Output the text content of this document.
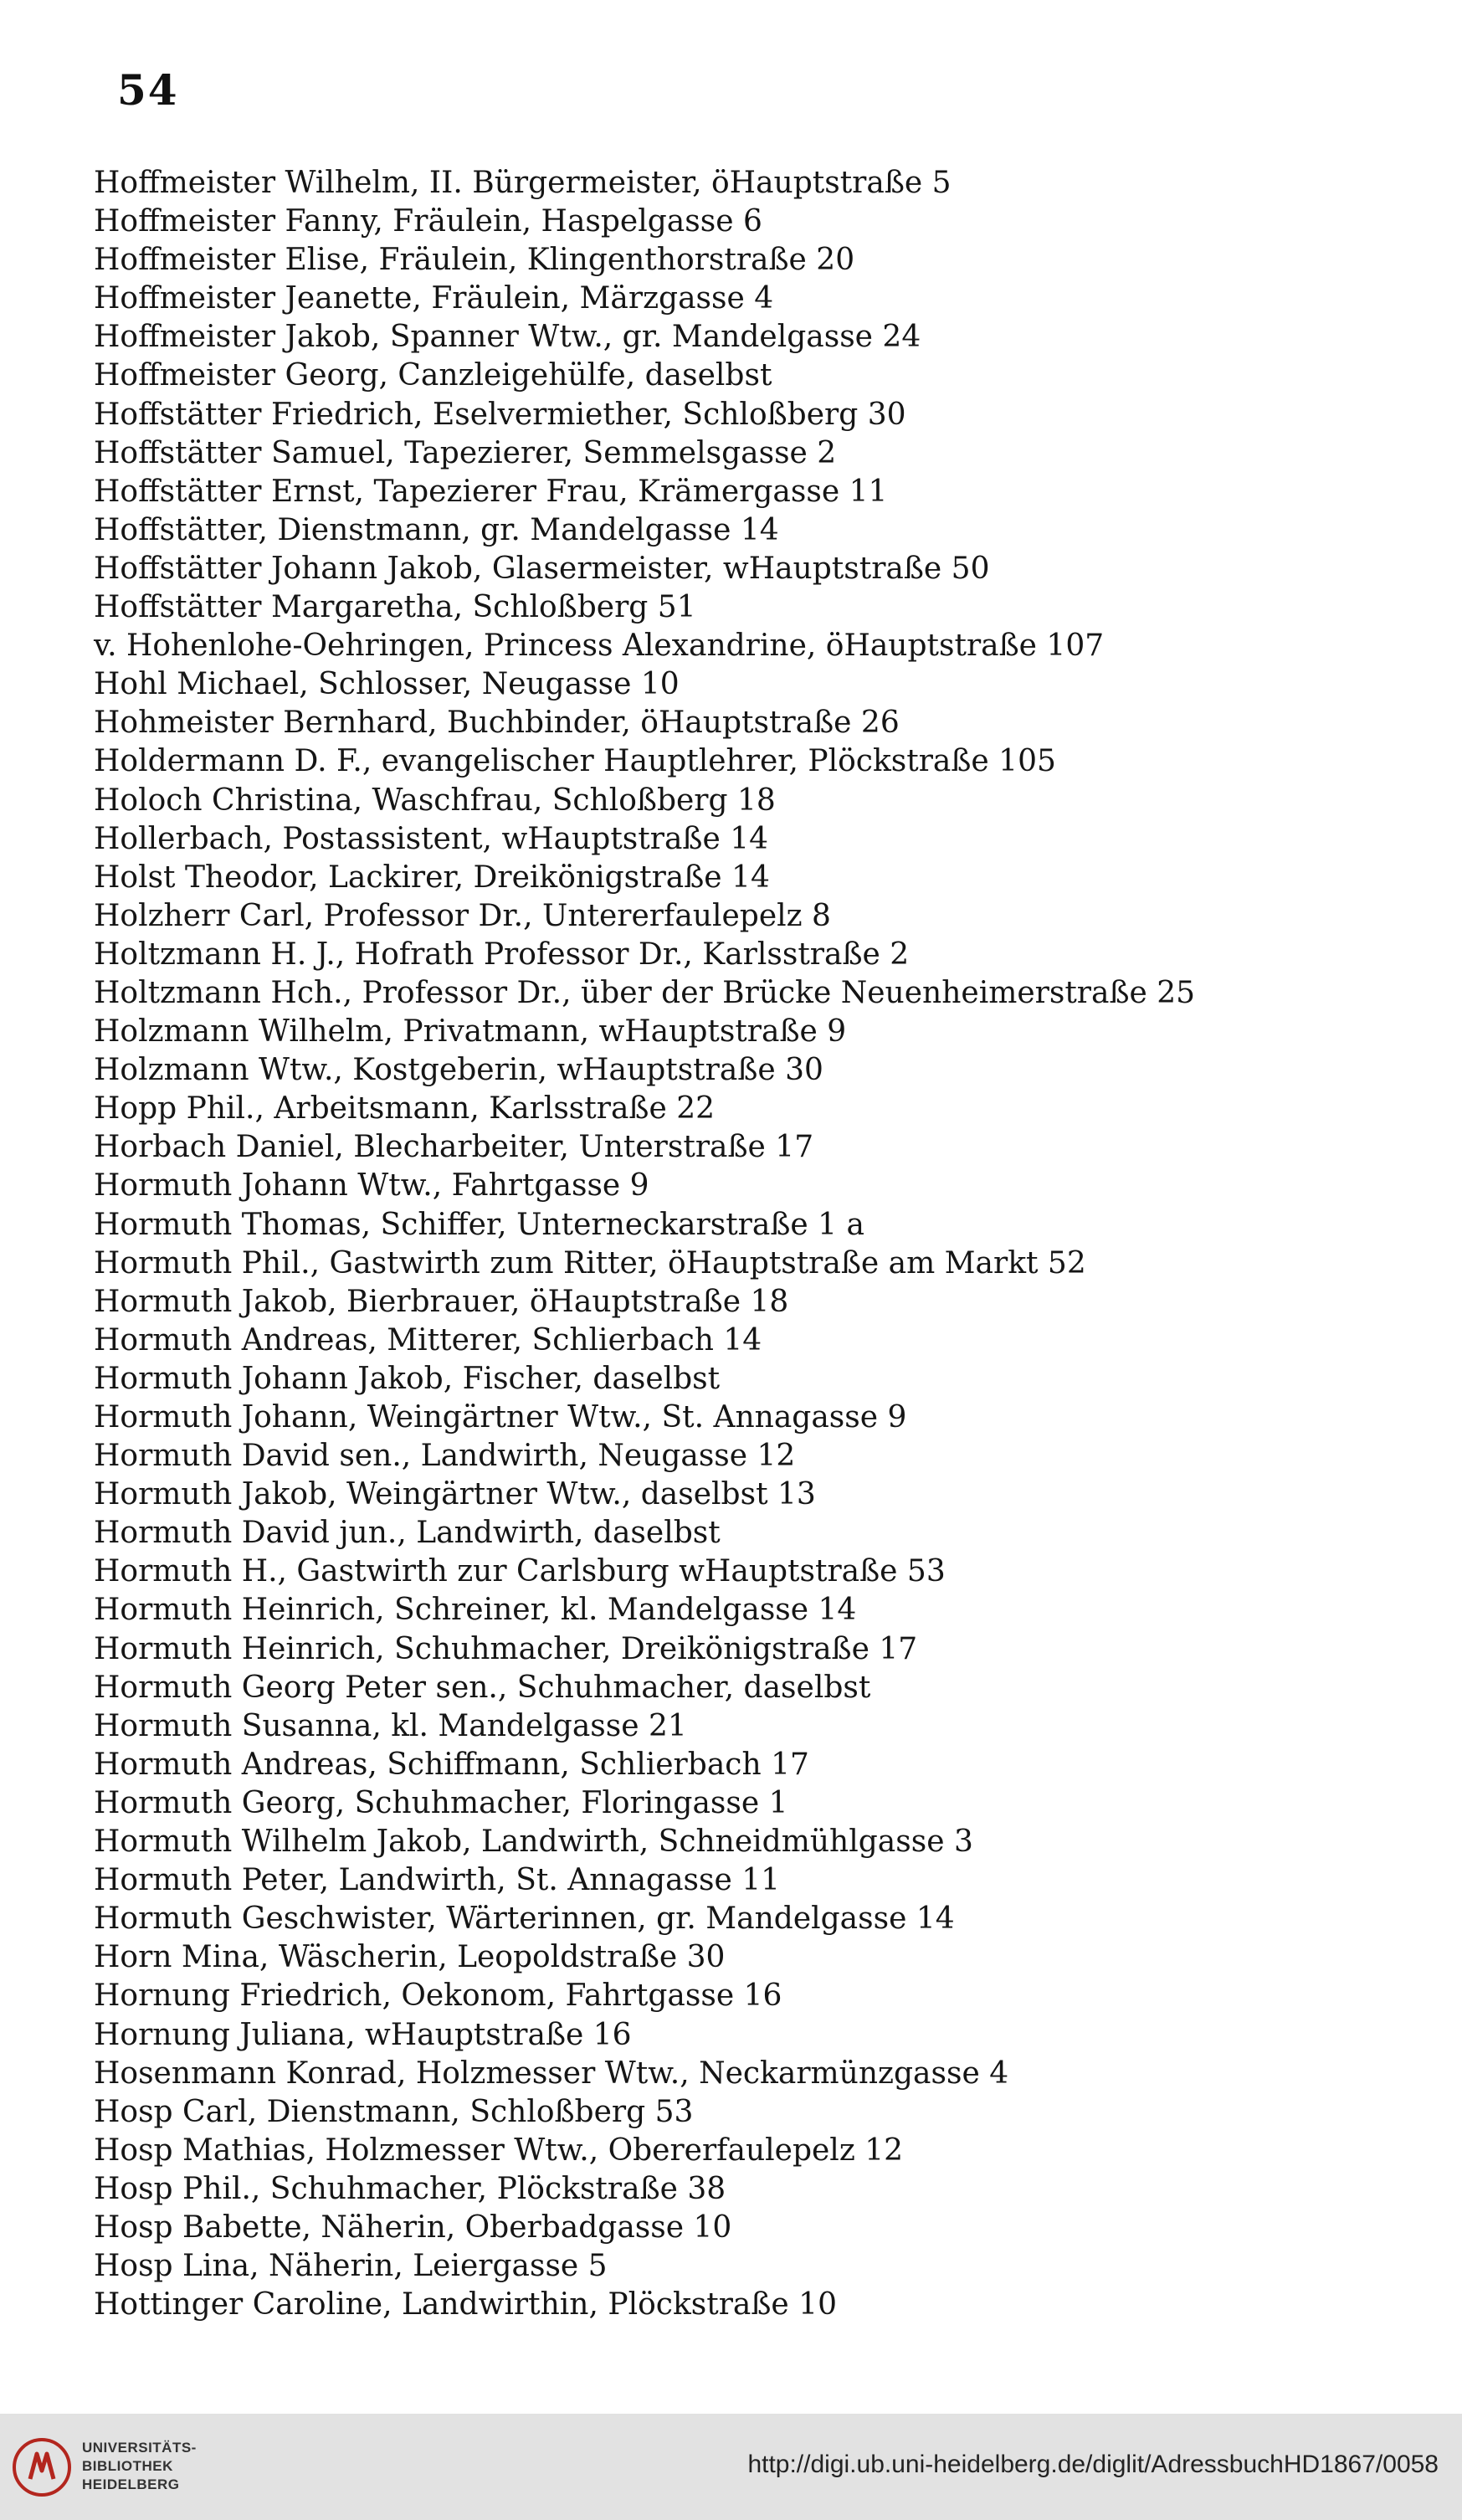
54
Hoffmeister Wilhelm, II. Bürgermeister, öHauptstraße 5
Hoffmeister Fanny, Fräulein, Haspelgasse 6
Hoffmeister Elise, Fräulein, Klingenthorstraße 20
Hoffmeister Jeanette, Fräulein, Märzgasse 4
Hoffmeister Jakob, Spanner Wtw., gr. Mandelgasse 24
Hoffmeister Georg, Canzleigehülfe, daselbst
Hoffstätter Friedrich, Eselvermiether, Schloßberg 30
Hoffstätter Samuel, Tapezierer, Semmelsgasse 2
Hoffstätter Ernst, Tapezierer Frau, Krämergasse 11
Hoffstätter, Dienstmann, gr. Mandelgasse 14
Hoffstätter Johann Jakob, Glasermeister, wHauptstraße 50
Hoffstätter Margaretha, Schloßberg 51
v. Hohenlohe-Oehringen, Princess Alexandrine, öHauptstraße 107
Hohl Michael, Schlosser, Neugasse 10
Hohmeister Bernhard, Buchbinder, öHauptstraße 26
Holdermann D. F., evangelischer Hauptlehrer, Plöckstraße 105
Holoch Christina, Waschfrau, Schloßberg 18
Hollerbach, Postassistent, wHauptstraße 14
Holst Theodor, Lackirer, Dreikönigstraße 14
Holzherr Carl, Professor Dr., Untererfaulepelz 8
Holtzmann H. J., Hofrath Professor Dr., Karlsstraße 2
Holtzmann Hch., Professor Dr., über der Brücke Neuenheimerstraße 25
Holzmann Wilhelm, Privatmann, wHauptstraße 9
Holzmann Wtw., Kostgeberin, wHauptstraße 30
Hopp Phil., Arbeitsmann, Karlsstraße 22
Horbach Daniel, Blecharbeiter, Unterstraße 17
Hormuth Johann Wtw., Fahrtgasse 9
Hormuth Thomas, Schiffer, Unterneckarstraße 1 a
Hormuth Phil., Gastwirth zum Ritter, öHauptstraße am Markt 52
Hormuth Jakob, Bierbrauer, öHauptstraße 18
Hormuth Andreas, Mitterer, Schlierbach 14
Hormuth Johann Jakob, Fischer, daselbst
Hormuth Johann, Weingärtner Wtw., St. Annagasse 9
Hormuth David sen., Landwirth, Neugasse 12
Hormuth Jakob, Weingärtner Wtw., daselbst 13
Hormuth David jun., Landwirth, daselbst
Hormuth H., Gastwirth zur Carlsburg wHauptstraße 53
Hormuth Heinrich, Schreiner, kl. Mandelgasse 14
Hormuth Heinrich, Schuhmacher, Dreikönigstraße 17
Hormuth Georg Peter sen., Schuhmacher, daselbst
Hormuth Susanna, kl. Mandelgasse 21
Hormuth Andreas, Schiffmann, Schlierbach 17
Hormuth Georg, Schuhmacher, Floringasse 1
Hormuth Wilhelm Jakob, Landwirth, Schneidmühlgasse 3
Hormuth Peter, Landwirth, St. Annagasse 11
Hormuth Geschwister, Wärterinnen, gr. Mandelgasse 14
Horn Mina, Wäscherin, Leopoldstraße 30
Hornung Friedrich, Oekonom, Fahrtgasse 16
Hornung Juliana, wHauptstraße 16
Hosenmann Konrad, Holzmesser Wtw., Neckarmünzgasse 4
Hosp Carl, Dienstmann, Schloßberg 53
Hosp Mathias, Holzmesser Wtw., Obererfaulepelz 12
Hosp Phil., Schuhmacher, Plöckstraße 38
Hosp Babette, Näherin, Oberbadgasse 10
Hosp Lina, Näherin, Leiergasse 5
Hottinger Caroline, Landwirthin, Plöckstraße 10
UNIVERSITÄTS-
BIBLIOTHEK
HEIDELBERG
http://digi.ub.uni-heidelberg.de/diglit/AdressbuchHD1867/0058
